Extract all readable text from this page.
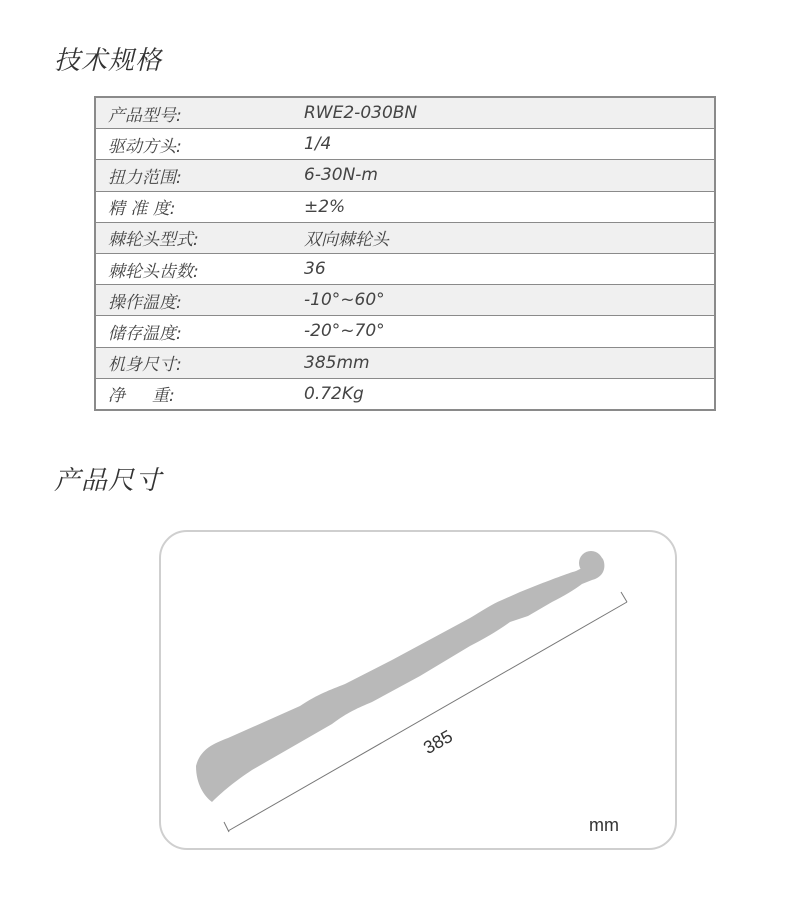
技术规格
产品型号:	RWE2-030BN
驱动方头:	1/4
扭力范围:	6-30N-m
精 准 度:	±2%
棘轮头型式:	双向棘轮头
棘轮头齿数:	36
操作温度:	-10°~60°
储存温度:	-20°~70°
机身尺寸:	385mm
净     重:	0.72Kg
产品尺寸
385
mm
